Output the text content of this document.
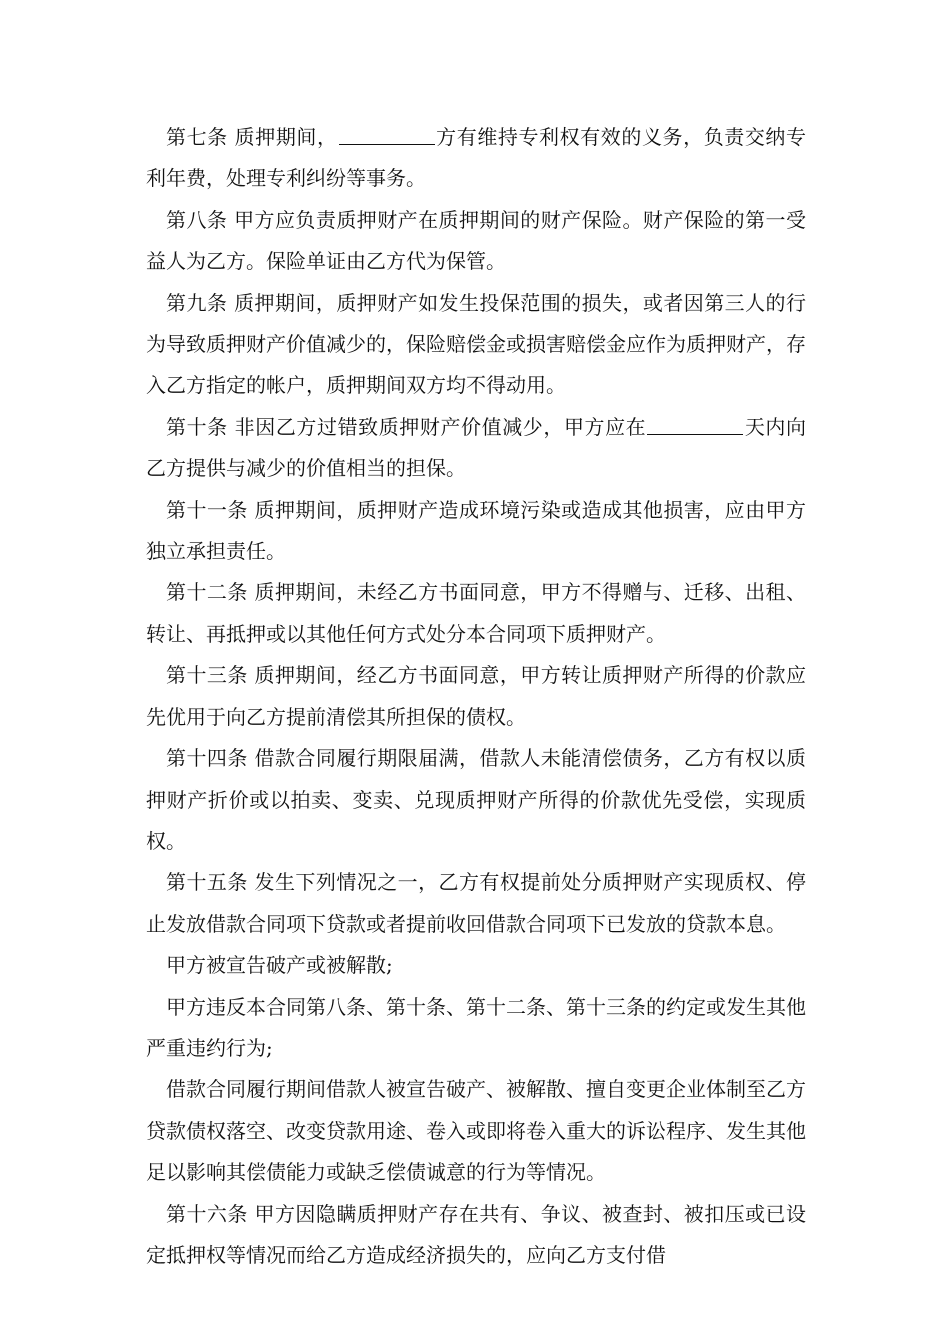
第七条 质押期间，	方有维持专利权有效的义务，负责交纳专利年费，处理专利纠纷等事务。

第八条 甲方应负责质押财产在质押期间的财产保险。财产保险的第一受益人为乙方。保险单证由乙方代为保管。

第九条 质押期间，质押财产如发生投保范围的损失，或者因第三人的行为导致质押财产价值减少的，保险赔偿金或损害赔偿金应作为质押财产，存入乙方指定的帐户，质押期间双方均不得动用。

第十条 非因乙方过错致质押财产价值减少，甲方应在	天内向乙方提供与减少的价值相当的担保。

第十一条 质押期间，质押财产造成环境污染或造成其他损害，应由甲方独立承担责任。

第十二条 质押期间，未经乙方书面同意，甲方不得赠与、迁移、出租、转让、再抵押或以其他任何方式处分本合同项下质押财产。

第十三条 质押期间，经乙方书面同意，甲方转让质押财产所得的价款应先优用于向乙方提前清偿其所担保的债权。

第十四条 借款合同履行期限届满，借款人未能清偿债务，乙方有权以质押财产折价或以拍卖、变卖、兑现质押财产所得的价款优先受偿，实现质权。

第十五条 发生下列情况之一，乙方有权提前处分质押财产实现质权、停止发放借款合同项下贷款或者提前收回借款合同项下已发放的贷款本息。

甲方被宣告破产或被解散;

甲方违反本合同第八条、第十条、第十二条、第十三条的约定或发生其他严重违约行为;

借款合同履行期间借款人被宣告破产、被解散、擅自变更企业体制至乙方贷款债权落空、改变贷款用途、卷入或即将卷入重大的诉讼程序、发生其他足以影响其偿债能力或缺乏偿债诚意的行为等情况。

第十六条 甲方因隐瞒质押财产存在共有、争议、被查封、被扣压或已设定抵押权等情况而给乙方造成经济损失的，应向乙方支付借
